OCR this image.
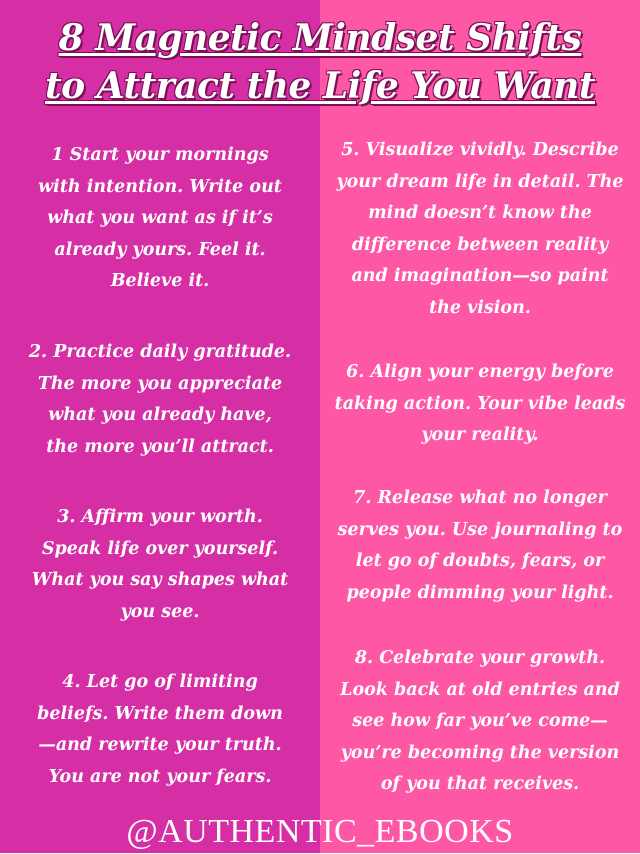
8 Magnetic Mindset Shifts
to Attract the Life You Want
1 Start your mornings
with intention. Write out
what you want as if it’s
already yours. Feel it.
Believe it.
2. Practice daily gratitude.
The more you appreciate
what you already have,
the more you’ll attract.
3. Affirm your worth.
Speak life over yourself.
What you say shapes what
you see.
4. Let go of limiting
beliefs. Write them down
—and rewrite your truth.
You are not your fears.
5. Visualize vividly. Describe
your dream life in detail. The
mind doesn’t know the
difference between reality
and imagination—so paint
the vision.
6. Align your energy before
taking action. Your vibe leads
your reality.
7. Release what no longer
serves you. Use journaling to
let go of doubts, fears, or
people dimming your light.
8. Celebrate your growth.
Look back at old entries and
see how far you’ve come—
you’re becoming the version
of you that receives.
@AUTHENTIC_EBOOKS
